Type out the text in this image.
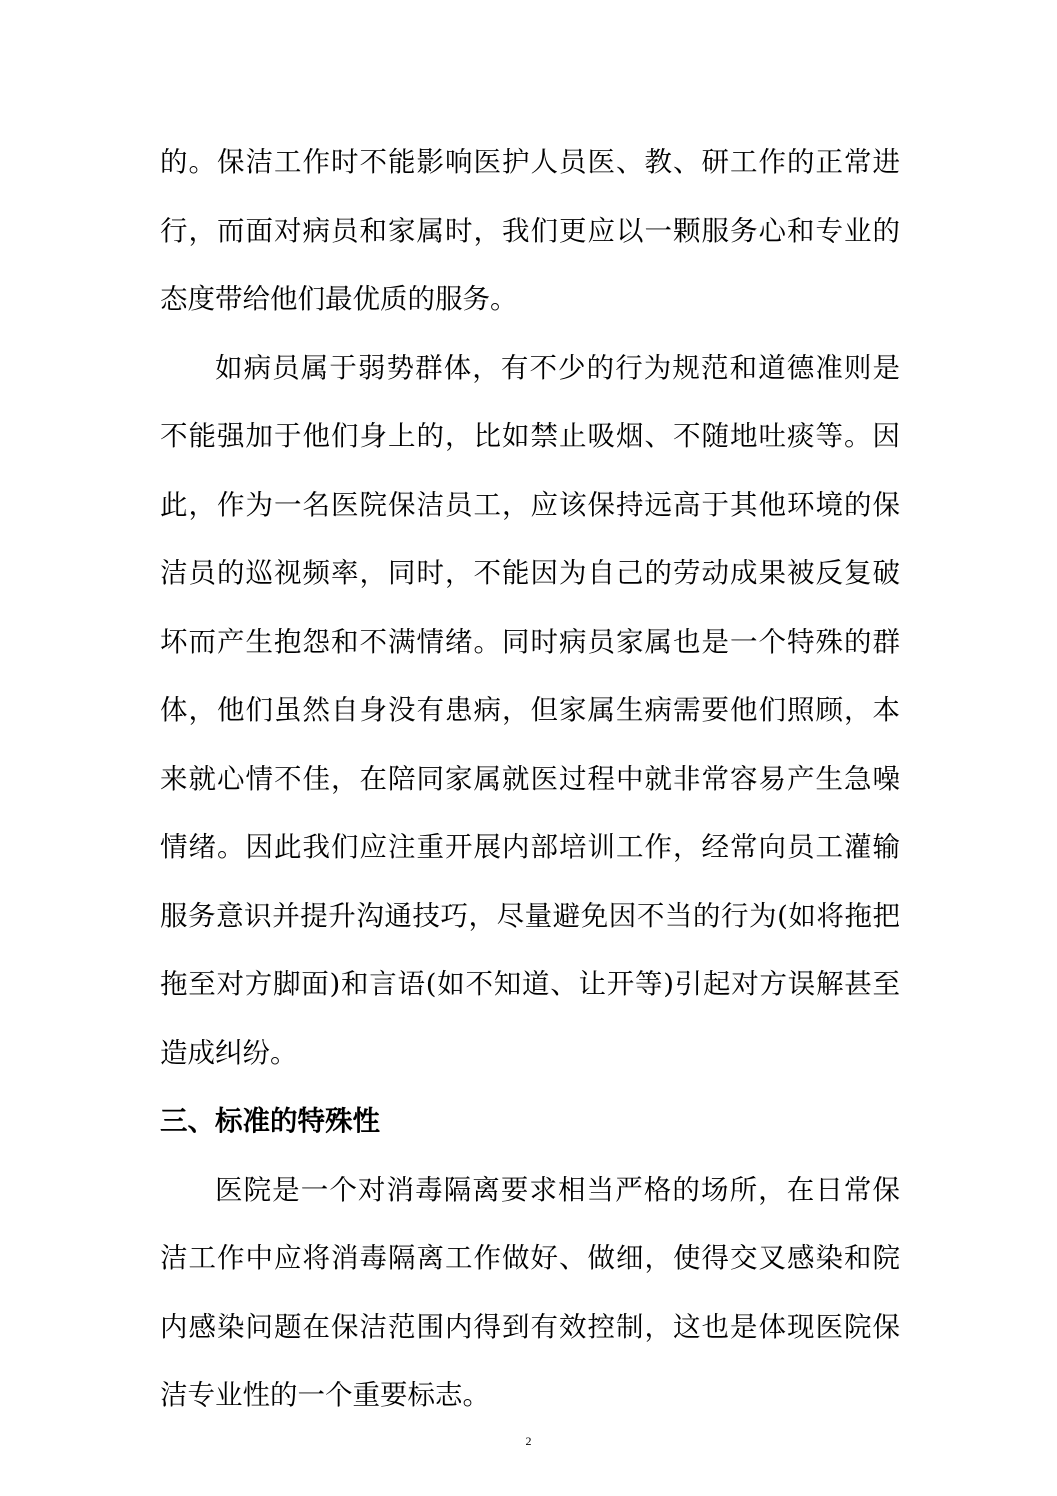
的。保洁工作时不能影响医护人员医、教、研工作的正常进行，而面对病员和家属时，我们更应以一颗服务心和专业的态度带给他们最优质的服务。

如病员属于弱势群体，有不少的行为规范和道德准则是不能强加于他们身上的，比如禁止吸烟、不随地吐痰等。因此，作为一名医院保洁员工，应该保持远高于其他环境的保洁员的巡视频率，同时，不能因为自己的劳动成果被反复破坏而产生抱怨和不满情绪。同时病员家属也是一个特殊的群体，他们虽然自身没有患病，但家属生病需要他们照顾，本来就心情不佳，在陪同家属就医过程中就非常容易产生急噪情绪。因此我们应注重开展内部培训工作，经常向员工灌输服务意识并提升沟通技巧，尽量避免因不当的行为(如将拖把拖至对方脚面)和言语(如不知道、让开等)引起对方误解甚至造成纠纷。

三、标准的特殊性

医院是一个对消毒隔离要求相当严格的场所，在日常保洁工作中应将消毒隔离工作做好、做细，使得交叉感染和院内感染问题在保洁范围内得到有效控制，这也是体现医院保洁专业性的一个重要标志。

2
